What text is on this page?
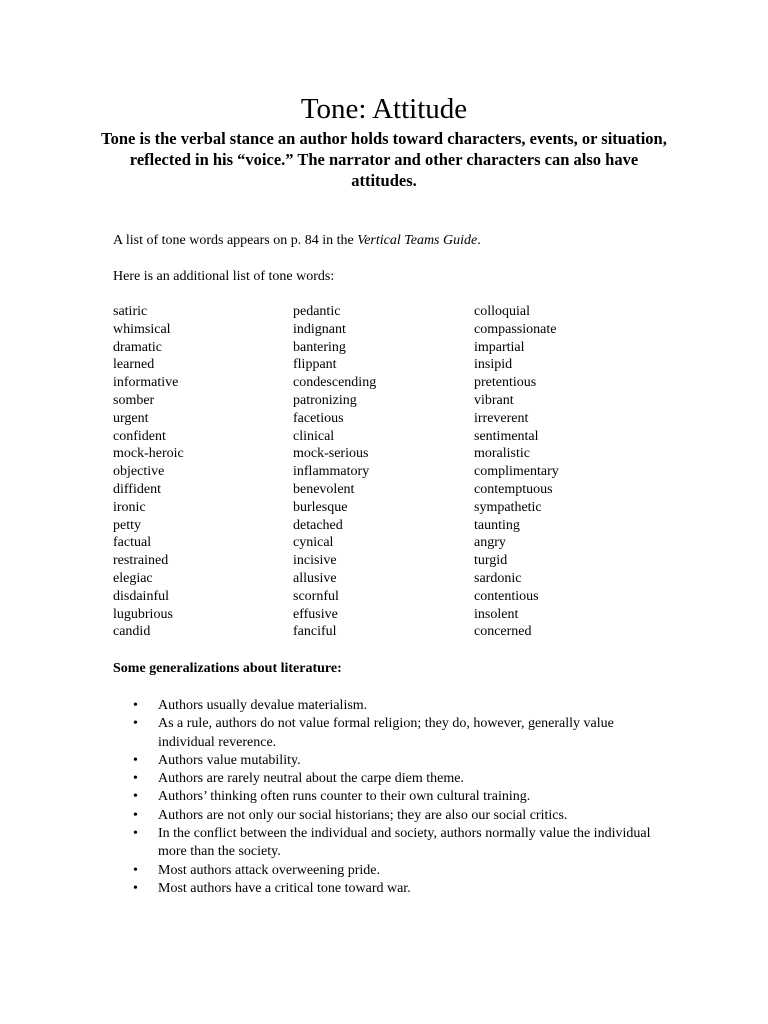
Tone: Attitude
Tone is the verbal stance an author holds toward characters, events, or situation, reflected in his “voice.” The narrator and other characters can also have attitudes.
A list of tone words appears on p. 84 in the Vertical Teams Guide.
Here is an additional list of tone words:
satiric
whimsical
dramatic
learned
informative
somber
urgent
confident
mock-heroic
objective
diffident
ironic
petty
factual
restrained
elegiac
disdainful
lugubrious
candid
pedantic
indignant
bantering
flippant
condescending
patronizing
facetious
clinical
mock-serious
inflammatory
benevolent
burlesque
detached
cynical
incisive
allusive
scornful
effusive
fanciful
colloquial
compassionate
impartial
insipid
pretentious
vibrant
irreverent
sentimental
moralistic
complimentary
contemptuous
sympathetic
taunting
angry
turgid
sardonic
contentious
insolent
concerned
Some generalizations about literature:
• Authors usually devalue materialism.
• As a rule, authors do not value formal religion; they do, however, generally value individual reverence.
• Authors value mutability.
• Authors are rarely neutral about the carpe diem theme.
• Authors’ thinking often runs counter to their own cultural training.
• Authors are not only our social historians; they are also our social critics.
• In the conflict between the individual and society, authors normally value the individual more than the society.
• Most authors attack overweening pride.
• Most authors have a critical tone toward war.
